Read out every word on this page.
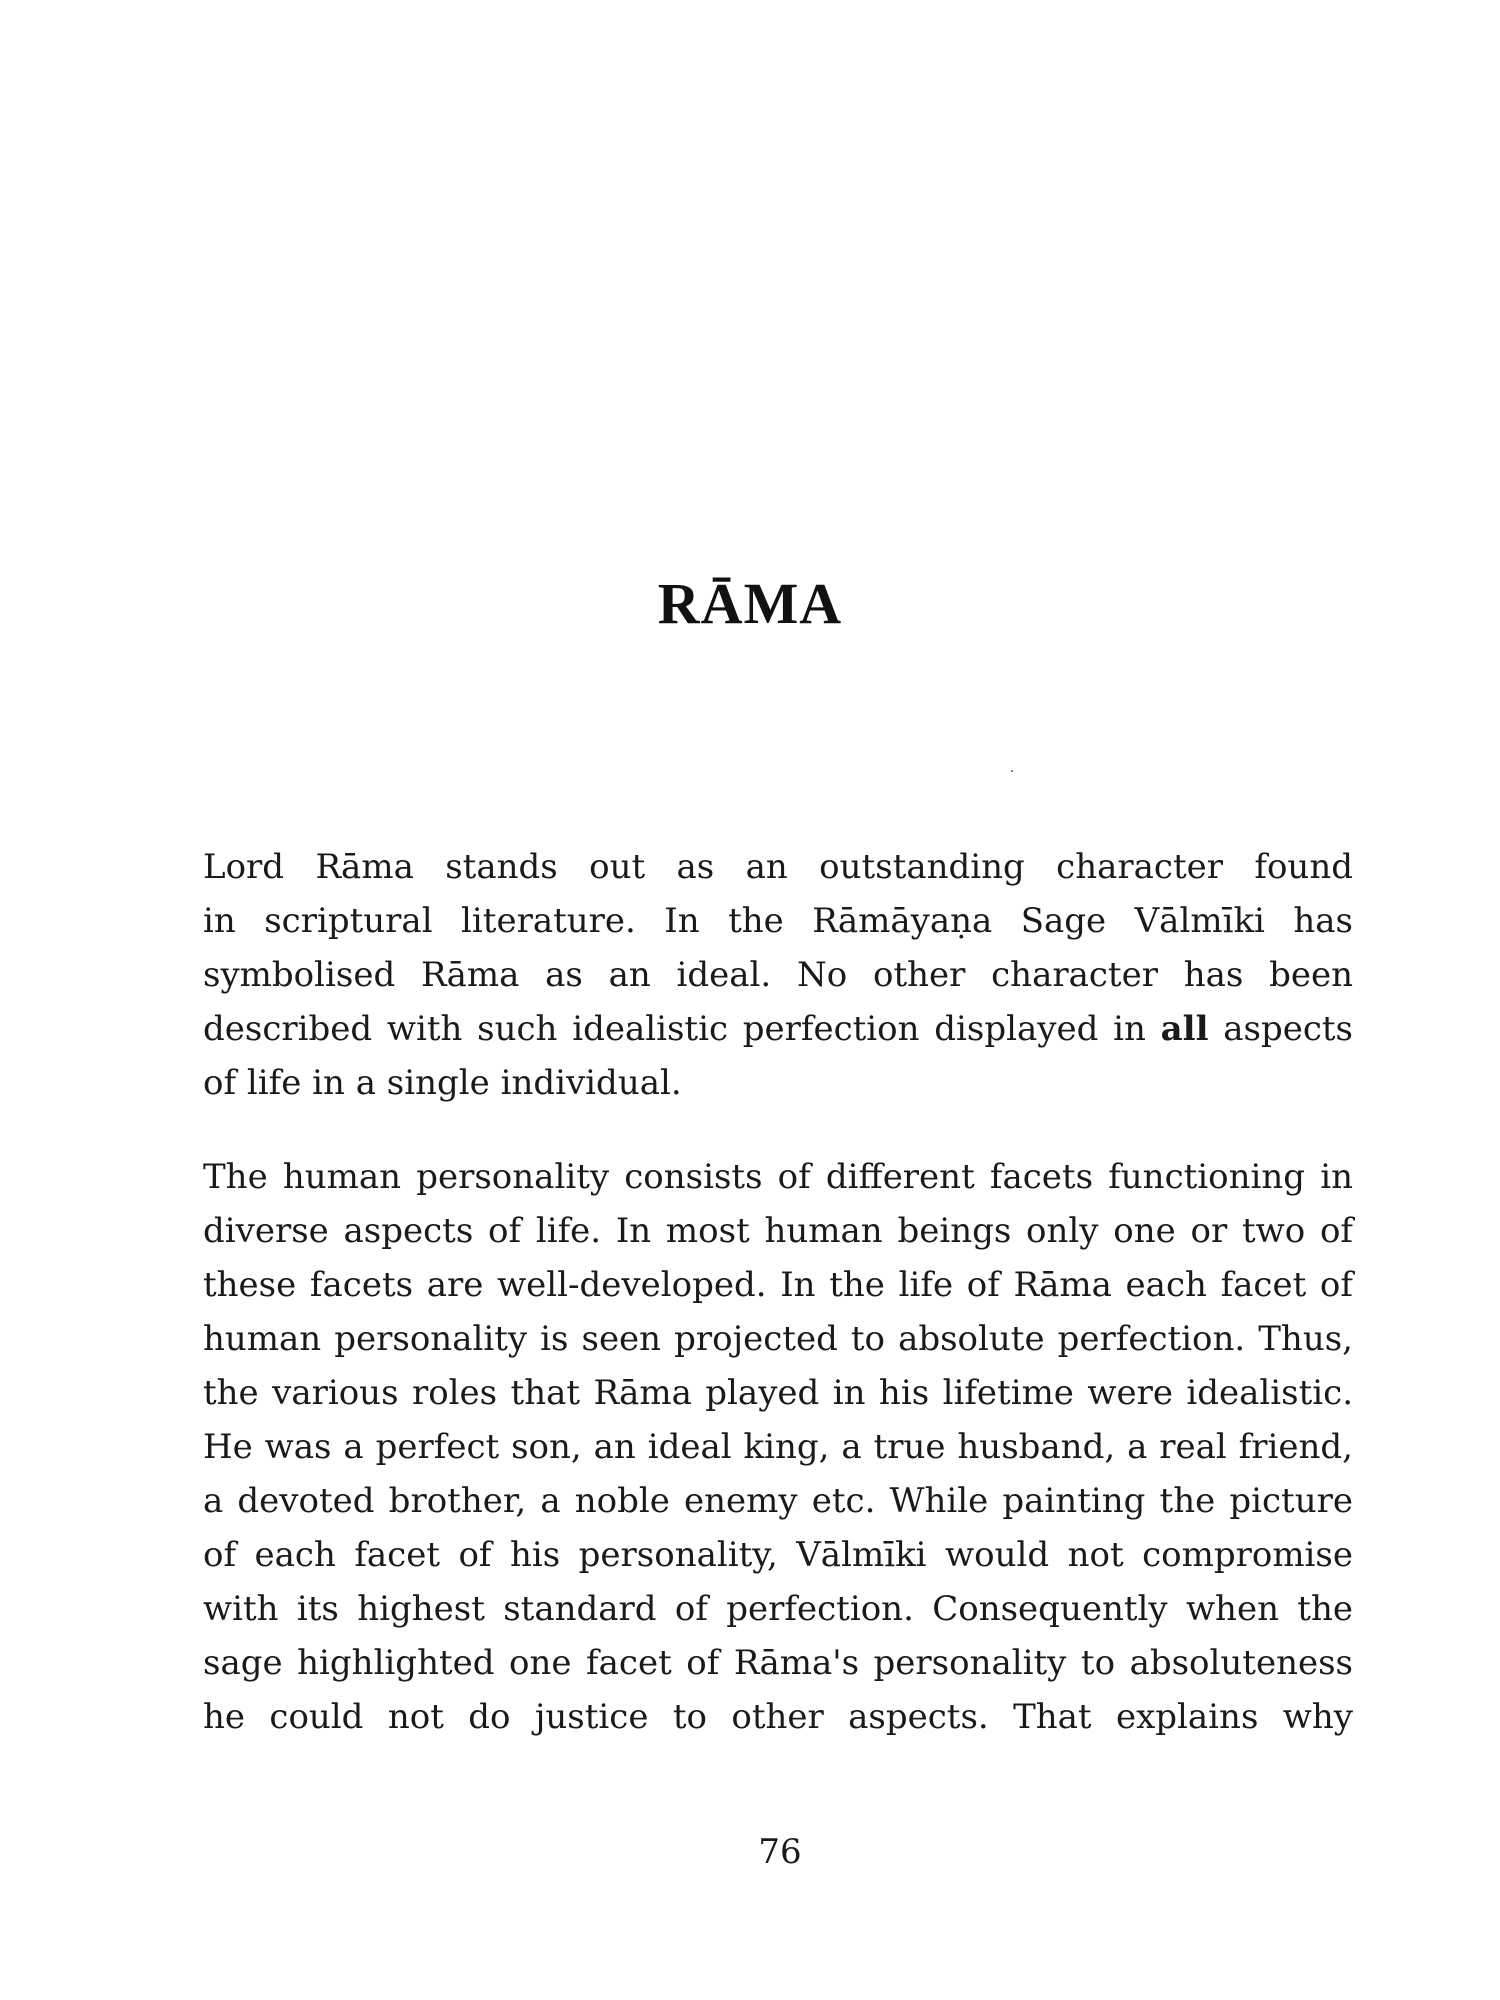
RĀMA
Lord Rāma stands out as an outstanding character found
in scriptural literature. In the Rāmāyaṇa Sage Vālmīki has
symbolised Rāma as an ideal. No other character has been
described with such idealistic perfection displayed in all aspects
of life in a single individual.
The human personality consists of different facets functioning in
diverse aspects of life. In most human beings only one or two of
these facets are well-developed. In the life of Rāma each facet of
human personality is seen projected to absolute perfection. Thus,
the various roles that Rāma played in his lifetime were idealistic.
He was a perfect son, an ideal king, a true husband, a real friend,
a devoted brother, a noble enemy etc. While painting the picture
of each facet of his personality, Vālmīki would not compromise
with its highest standard of perfection. Consequently when the
sage highlighted one facet of Rāma's personality to absoluteness
he could not do justice to other aspects. That explains why
76
